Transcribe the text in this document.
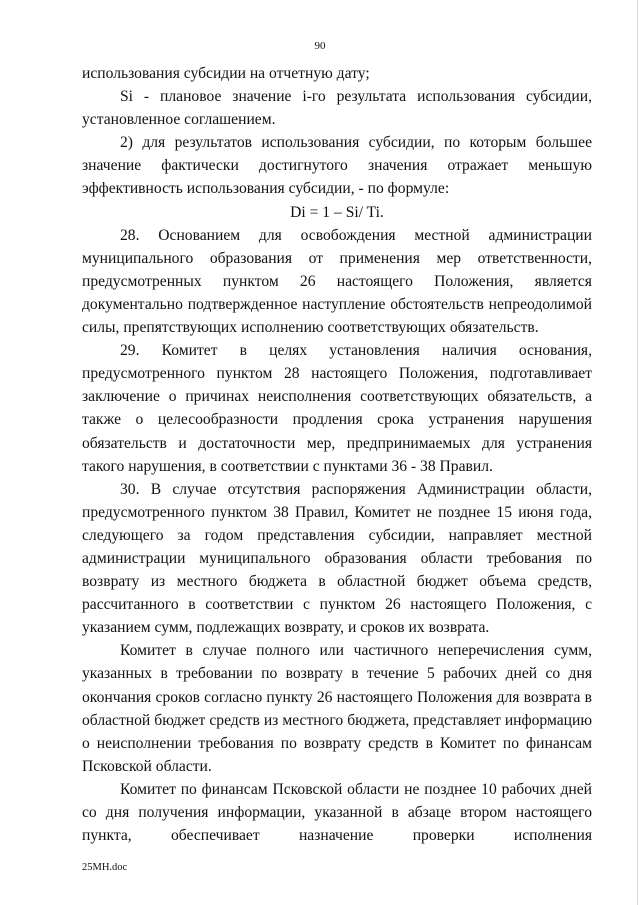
90

использования субсидии на отчетную дату;

Si - плановое значение i-го результата использования субсидии, установленное соглашением.

2) для результатов использования субсидии, по которым большее значение фактически достигнутого значения отражает меньшую эффективность использования субсидии, - по формуле:

Di = 1 – Si/ Ti.

28. Основанием для освобождения местной администрации муниципального образования от применения мер ответственности, предусмотренных пунктом 26 настоящего Положения, является документально подтвержденное наступление обстоятельств непреодолимой силы, препятствующих исполнению соответствующих обязательств.

29. Комитет в целях установления наличия основания, предусмотренного пунктом 28 настоящего Положения, подготавливает заключение о причинах неисполнения соответствующих обязательств, а также о целесообразности продления срока устранения нарушения обязательств и достаточности мер, предпринимаемых для устранения такого нарушения, в соответствии с пунктами 36 - 38 Правил.

30. В случае отсутствия распоряжения Администрации области, предусмотренного пунктом 38 Правил, Комитет не позднее 15 июня года, следующего за годом представления субсидии, направляет местной администрации муниципального образования области требования по возврату из местного бюджета в областной бюджет объема средств, рассчитанного в соответствии с пунктом 26 настоящего Положения, с указанием сумм, подлежащих возврату, и сроков их возврата.

Комитет в случае полного или частичного неперечисления сумм, указанных в требовании по возврату в течение 5 рабочих дней со дня окончания сроков согласно пункту 26 настоящего Положения для возврата в областной бюджет средств из местного бюджета, представляет информацию о неисполнении требования по возврату средств в Комитет по финансам Псковской области.

Комитет по финансам Псковской области не позднее 10 рабочих дней со дня получения информации, указанной в абзаце втором настоящего пункта, обеспечивает назначение проверки исполнения

25МН.doc
